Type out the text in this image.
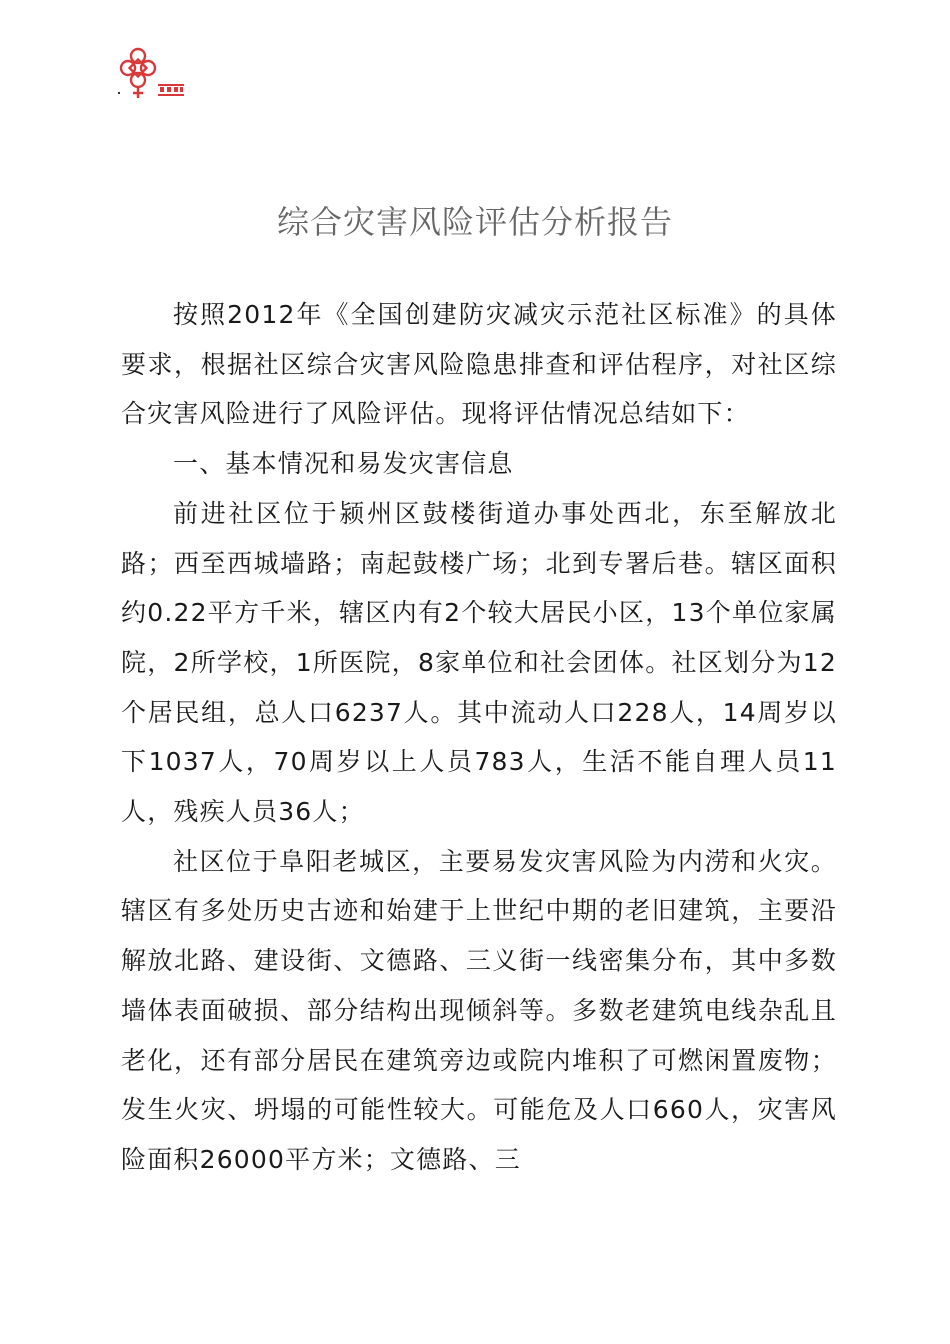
综合灾害风险评估分析报告

按照2012年《全国创建防灾减灾示范社区标准》的具体要求，根据社区综合灾害风险隐患排查和评估程序，对社区综合灾害风险进行了风险评估。现将评估情况总结如下：

一、基本情况和易发灾害信息

前进社区位于颍州区鼓楼街道办事处西北，东至解放北路；西至西城墙路；南起鼓楼广场；北到专署后巷。辖区面积约0.22平方千米，辖区内有2个较大居民小区，13个单位家属院，2所学校，1所医院，8家单位和社会团体。社区划分为12个居民组，总人口6237人。其中流动人口228人，14周岁以下1037人，70周岁以上人员783人，生活不能自理人员11人，残疾人员36人；

社区位于阜阳老城区，主要易发灾害风险为内涝和火灾。辖区有多处历史古迹和始建于上世纪中期的老旧建筑，主要沿解放北路、建设街、文德路、三义街一线密集分布，其中多数墙体表面破损、部分结构出现倾斜等。多数老建筑电线杂乱且老化，还有部分居民在建筑旁边或院内堆积了可燃闲置废物；发生火灾、坍塌的可能性较大。可能危及人口660人，灾害风险面积26000平方米；文德路、三
